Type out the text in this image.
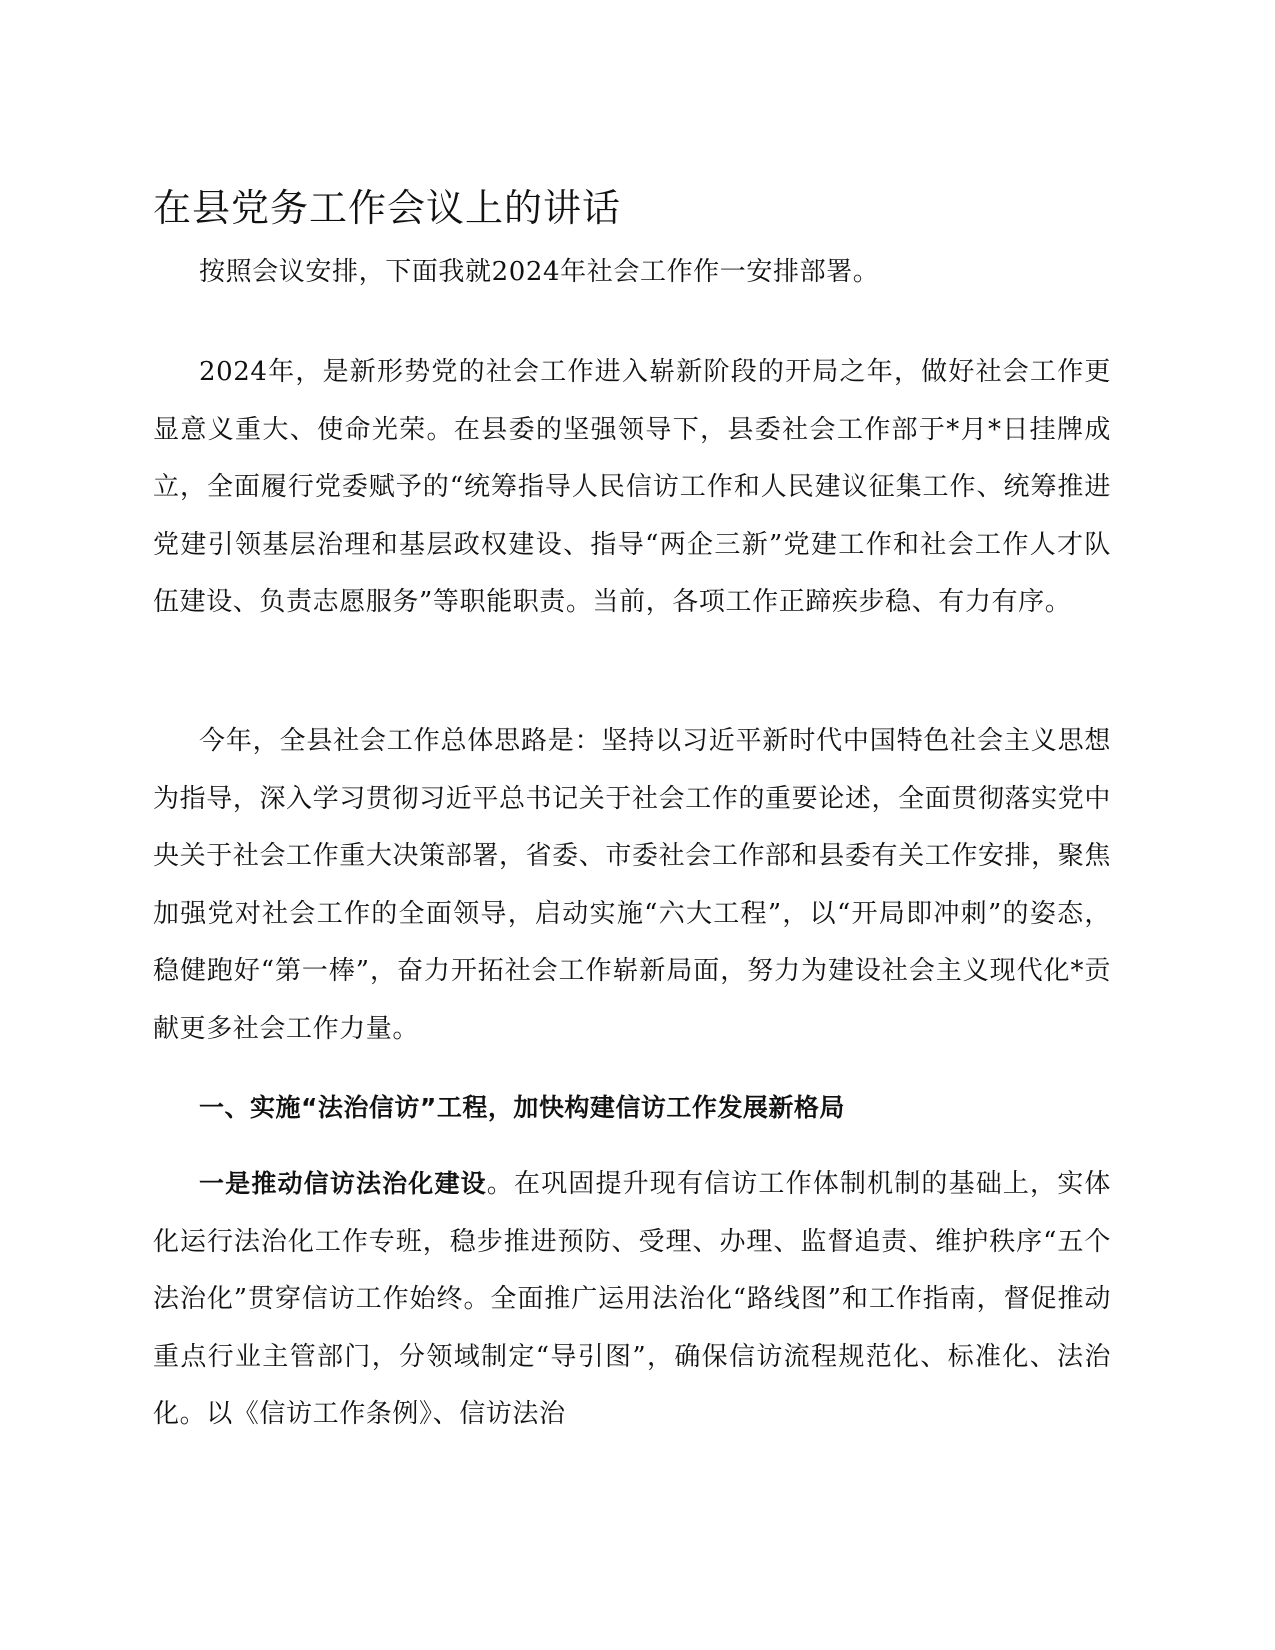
在县党务工作会议上的讲话

按照会议安排，下面我就2024年社会工作作一安排部署。

2024年，是新形势党的社会工作进入崭新阶段的开局之年，做好社会工作更显意义重大、使命光荣。在县委的坚强领导下，县委社会工作部于*月*日挂牌成立，全面履行党委赋予的“统筹指导人民信访工作和人民建议征集工作、统筹推进党建引领基层治理和基层政权建设、指导“两企三新”党建工作和社会工作人才队伍建设、负责志愿服务”等职能职责。当前，各项工作正蹄疾步稳、有力有序。

今年，全县社会工作总体思路是：坚持以习近平新时代中国特色社会主义思想为指导，深入学习贯彻习近平总书记关于社会工作的重要论述，全面贯彻落实党中央关于社会工作重大决策部署，省委、市委社会工作部和县委有关工作安排，聚焦加强党对社会工作的全面领导，启动实施“六大工程”，以“开局即冲刺”的姿态，稳健跑好“第一棒”，奋力开拓社会工作崭新局面，努力为建设社会主义现代化*贡献更多社会工作力量。

一、实施“法治信访”工程，加快构建信访工作发展新格局

一是推动信访法治化建设。在巩固提升现有信访工作体制机制的基础上，实体化运行法治化工作专班，稳步推进预防、受理、办理、监督追责、维护秩序“五个法治化”贯穿信访工作始终。全面推广运用法治化“路线图”和工作指南，督促推动重点行业主管部门，分领域制定“导引图”，确保信访流程规范化、标准化、法治化。以《信访工作条例》、信访法治
